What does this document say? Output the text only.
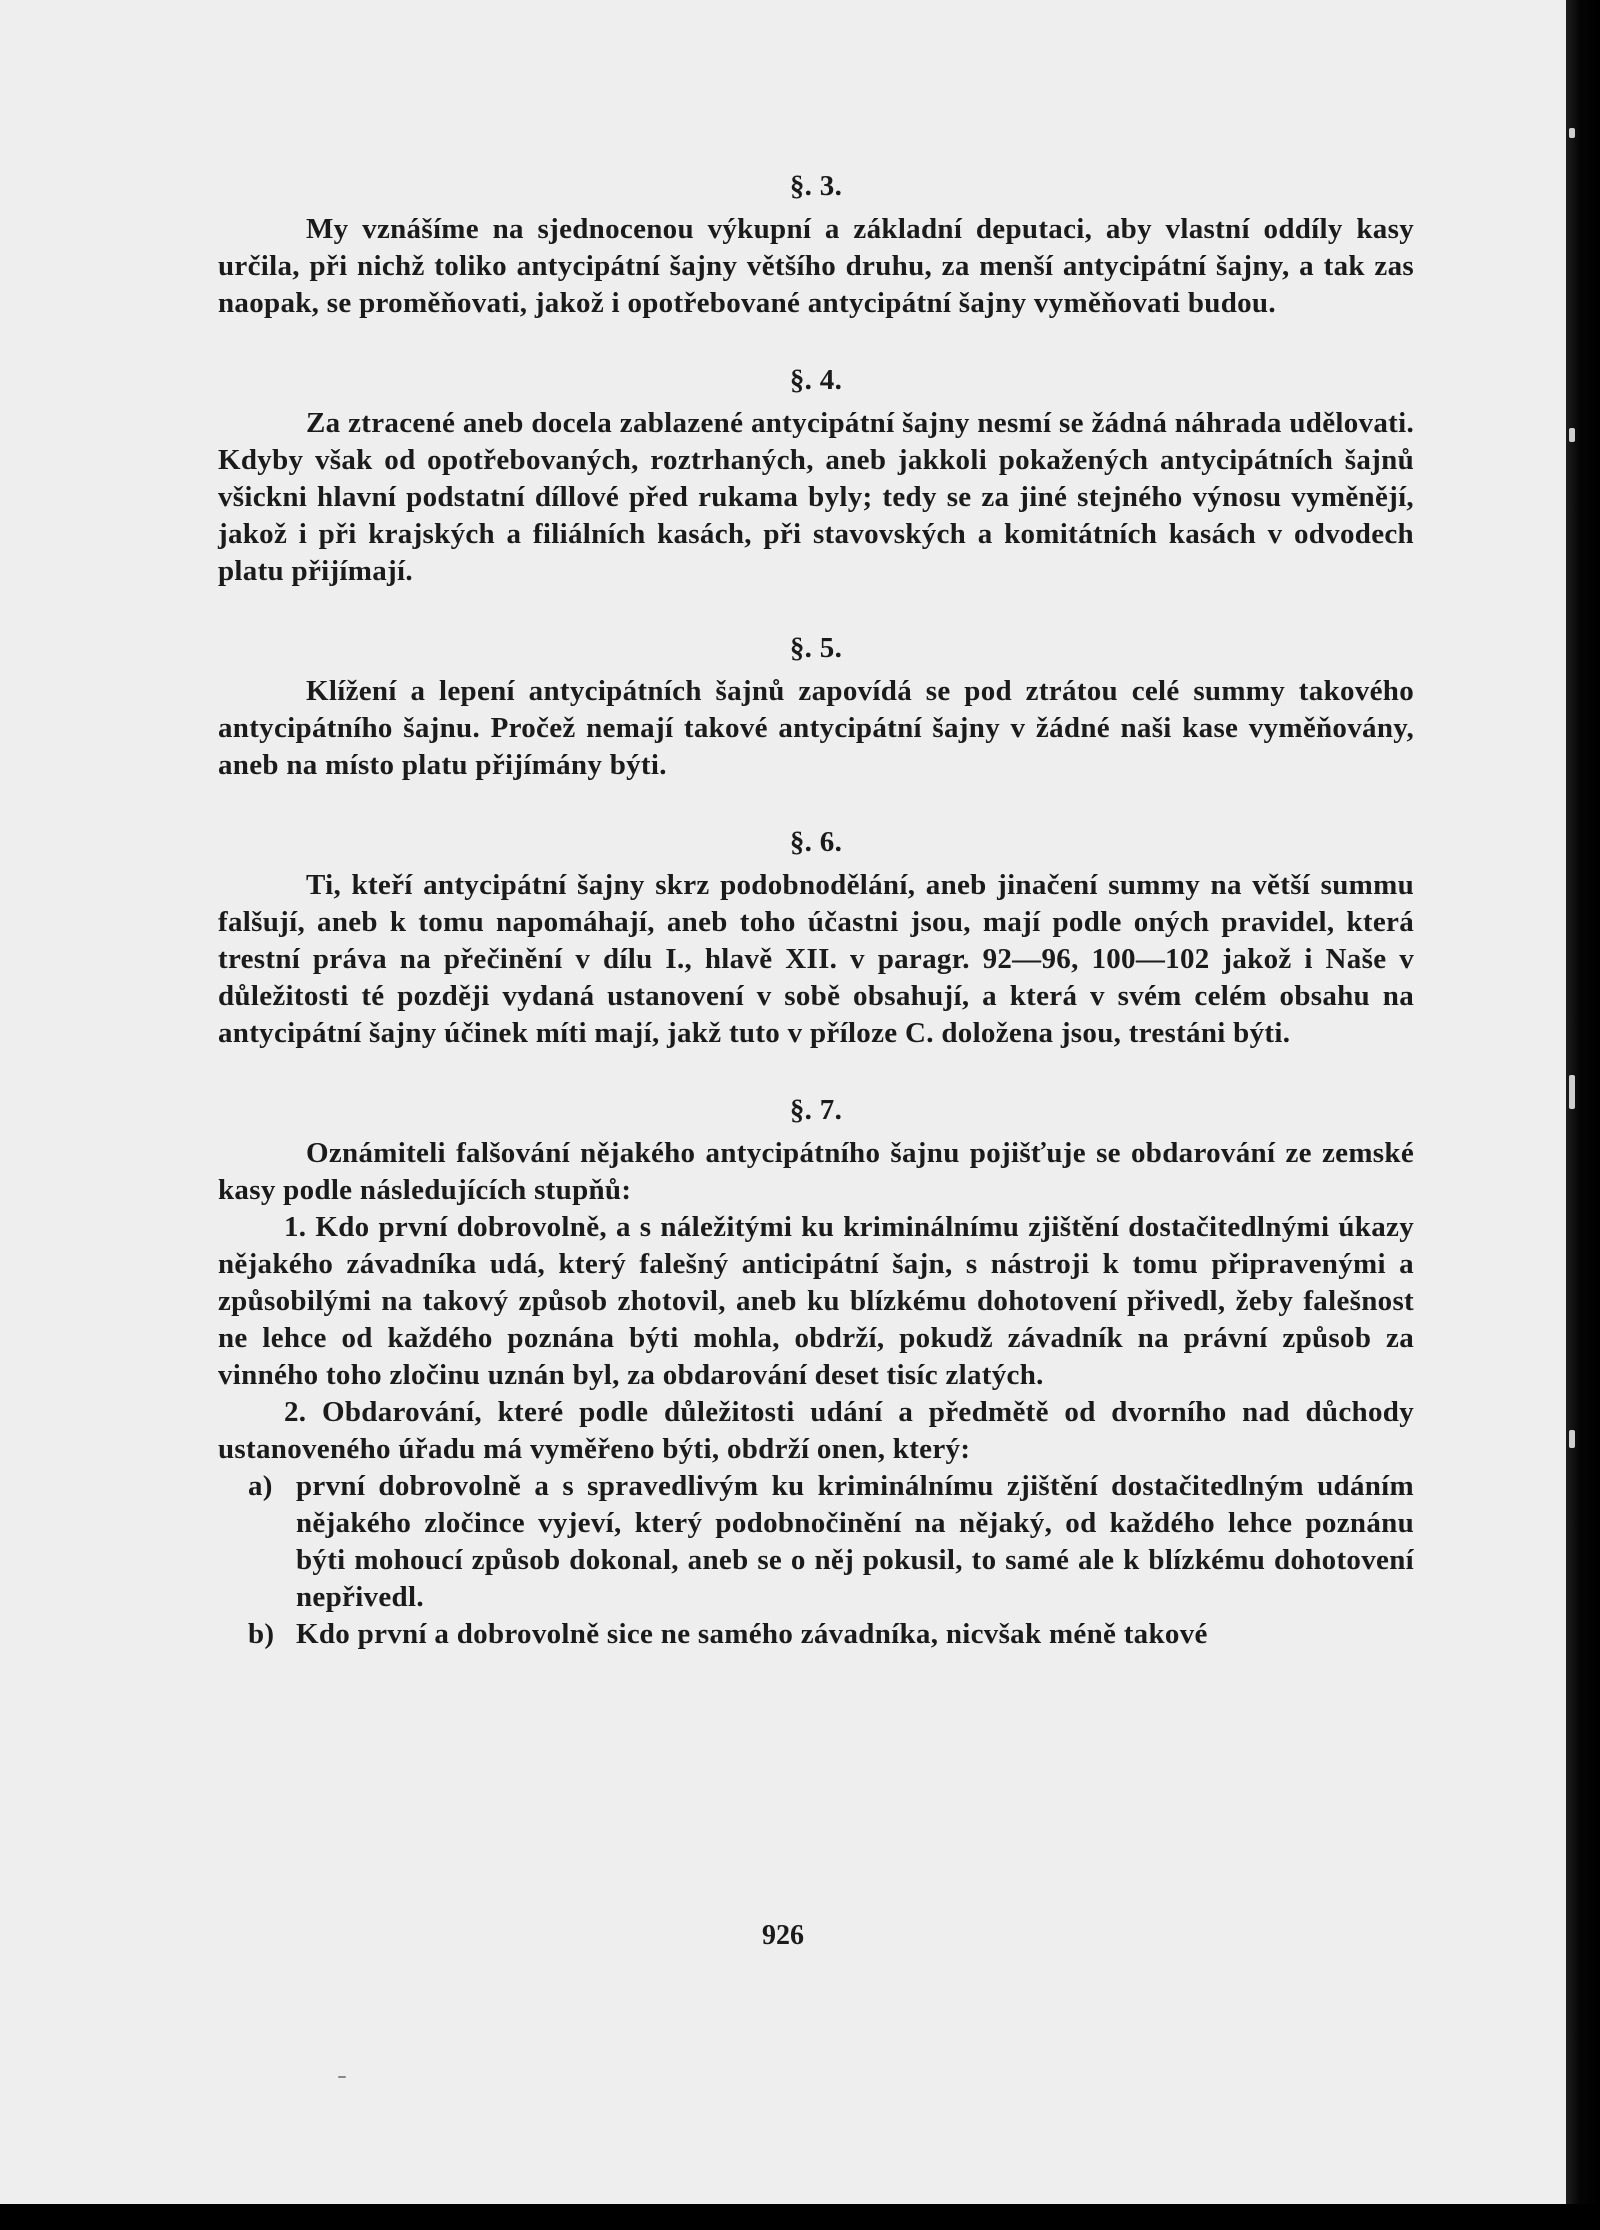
§. 3.

My vznášíme na sjednocenou výkupní a základní deputaci, aby vlastní oddíly kasy určila, při nichž toliko antycipátní šajny většího druhu, za menší antycipátní šajny, a tak zas naopak, se proměňovati, jakož i opotřebované antycipátní šajny vyměňovati budou.

§. 4.

Za ztracené aneb docela zablazené antycipátní šajny nesmí se žádná náhrada udělovati. Kdyby však od opotřebovaných, roztrhaných, aneb jakkoli pokažených antycipátních šajnů všickni hlavní podstatní díllové před rukama byly; tedy se za jiné stejného výnosu vyměnějí, jakož i při krajských a filiálních kasách, při stavovských a komitátních kasách v odvodech platu přijímají.

§. 5.

Klížení a lepení antycipátních šajnů zapovídá se pod ztrátou celé summy takového antycipátního šajnu. Pročež nemají takové antycipátní šajny v žádné naši kase vyměňovány, aneb na místo platu přijímány býti.

§. 6.

Ti, kteří antycipátní šajny skrz podobnodělání, aneb jinačení summy na větší summu falšují, aneb k tomu napomáhají, aneb toho účastni jsou, mají podle oných pravidel, která trestní práva na přečinění v dílu I., hlavě XII. v paragr. 92—96, 100—102 jakož i Naše v důležitosti té později vydaná ustanovení v sobě obsahují, a která v svém celém obsahu na antycipátní šajny účinek míti mají, jakž tuto v příloze C. doložena jsou, trestáni býti.

§. 7.

Oznámiteli falšování nějakého antycipátního šajnu pojišťuje se obdarování ze zemské kasy podle následujících stupňů:

1. Kdo první dobrovolně, a s náležitými ku kriminálnímu zjištění dostačitedlnými úkazy nějakého závadníka udá, který falešný anticipátní šajn, s nástroji k tomu připravenými a způsobilými na takový způsob zhotovil, aneb ku blízkému dohotovení přivedl, žeby falešnost ne lehce od každého poznána býti mohla, obdrží, pokudž závadník na právní způsob za vinného toho zločinu uznán byl, za obdarování deset tisíc zlatých.

2. Obdarování, které podle důležitosti udání a předmětě od dvorního nad důchody ustanoveného úřadu má vyměřeno býti, obdrží onen, který:

a) první dobrovolně a s spravedlivým ku kriminálnímu zjištění dostačitedlným udáním nějakého zločince vyjeví, který podobnočinění na nějaký, od každého lehce poznánu býti mohoucí způsob dokonal, aneb se o něj pokusil, to samé ale k blízkému dohotovení nepřivedl.
b) Kdo první a dobrovolně sice ne samého závadníka, nicvšak méně takové
926
